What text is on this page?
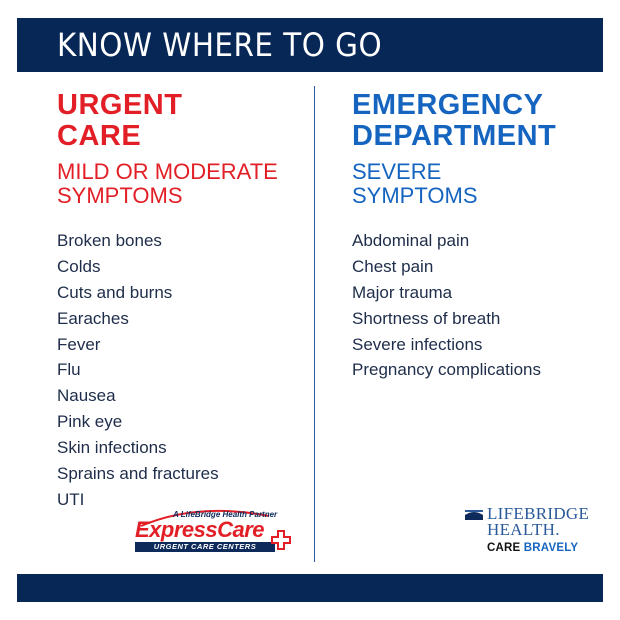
KNOW WHERE TO GO
URGENT
CARE
MILD OR MODERATE
SYMPTOMS
Broken bones
Colds
Cuts and burns
Earaches
Fever
Flu
Nausea
Pink eye
Skin infections
Sprains and fractures
UTI
EMERGENCY
DEPARTMENT
SEVERE
SYMPTOMS
Abdominal pain
Chest pain
Major trauma
Shortness of breath
Severe infections
Pregnancy complications
A LifeBridge Health Partner
ExpressCare
URGENT CARE CENTERS
LIFEBRIDGE
HEALTH.
CARE BRAVELY
